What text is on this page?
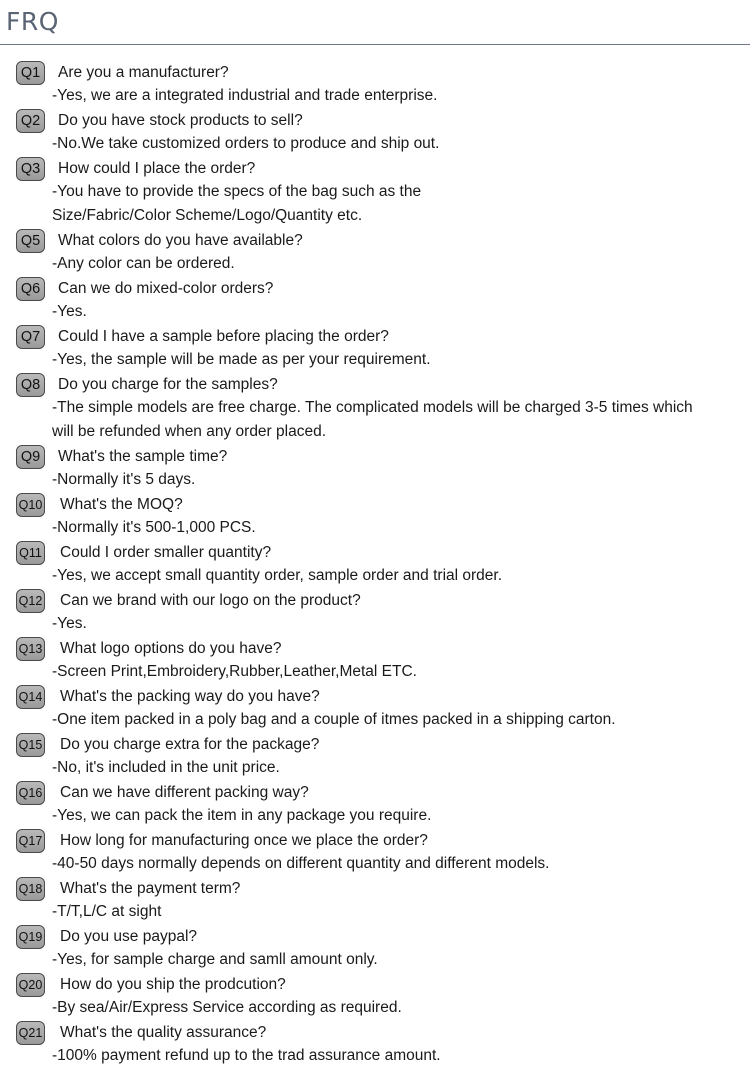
FRQ
Q1	Are you a manufacturer?
-Yes, we are a integrated industrial and trade enterprise.
Q2	Do you have stock products to sell?
-No.We take customized orders to produce and ship out.
Q3	How could I place the order?
-You have to provide the specs of the bag such as the
Size/Fabric/Color Scheme/Logo/Quantity etc.
Q5	What colors do you have available?
-Any color can be ordered.
Q6	Can we do mixed-color orders?
-Yes.
Q7	Could I have a sample before placing the order?
-Yes, the sample will be made as per your requirement.
Q8	Do you charge for the samples?
-The simple models are free charge. The complicated models will be charged 3-5 times which
will be refunded when any order placed.
Q9	What's the sample time?
-Normally it's 5 days.
Q10 What's the MOQ?
-Normally it's 500-1,000 PCS.
Q11 Could I order smaller quantity?
-Yes, we accept small quantity order, sample order and trial order.
Q12 Can we brand with our logo on the product?
-Yes.
Q13 What logo options do you have?
-Screen Print,Embroidery,Rubber,Leather,Metal ETC.
Q14 What's the packing way do you have?
-One item packed in a poly bag and a couple of itmes packed in a shipping carton.
Q15 Do you charge extra for the package?
-No, it's included in the unit price.
Q16 Can we have different packing way?
-Yes, we can pack the item in any package you require.
Q17 How long for manufacturing once we place the order?
-40-50 days normally depends on different quantity and different models.
Q18 What's the payment term?
-T/T,L/C at sight
Q19 Do you use paypal?
-Yes, for sample charge and samll amount only.
Q20 How do you ship the prodcution?
-By sea/Air/Express Service according as required.
Q21 What's the quality assurance?
-100% payment refund up to the trad assurance amount.
